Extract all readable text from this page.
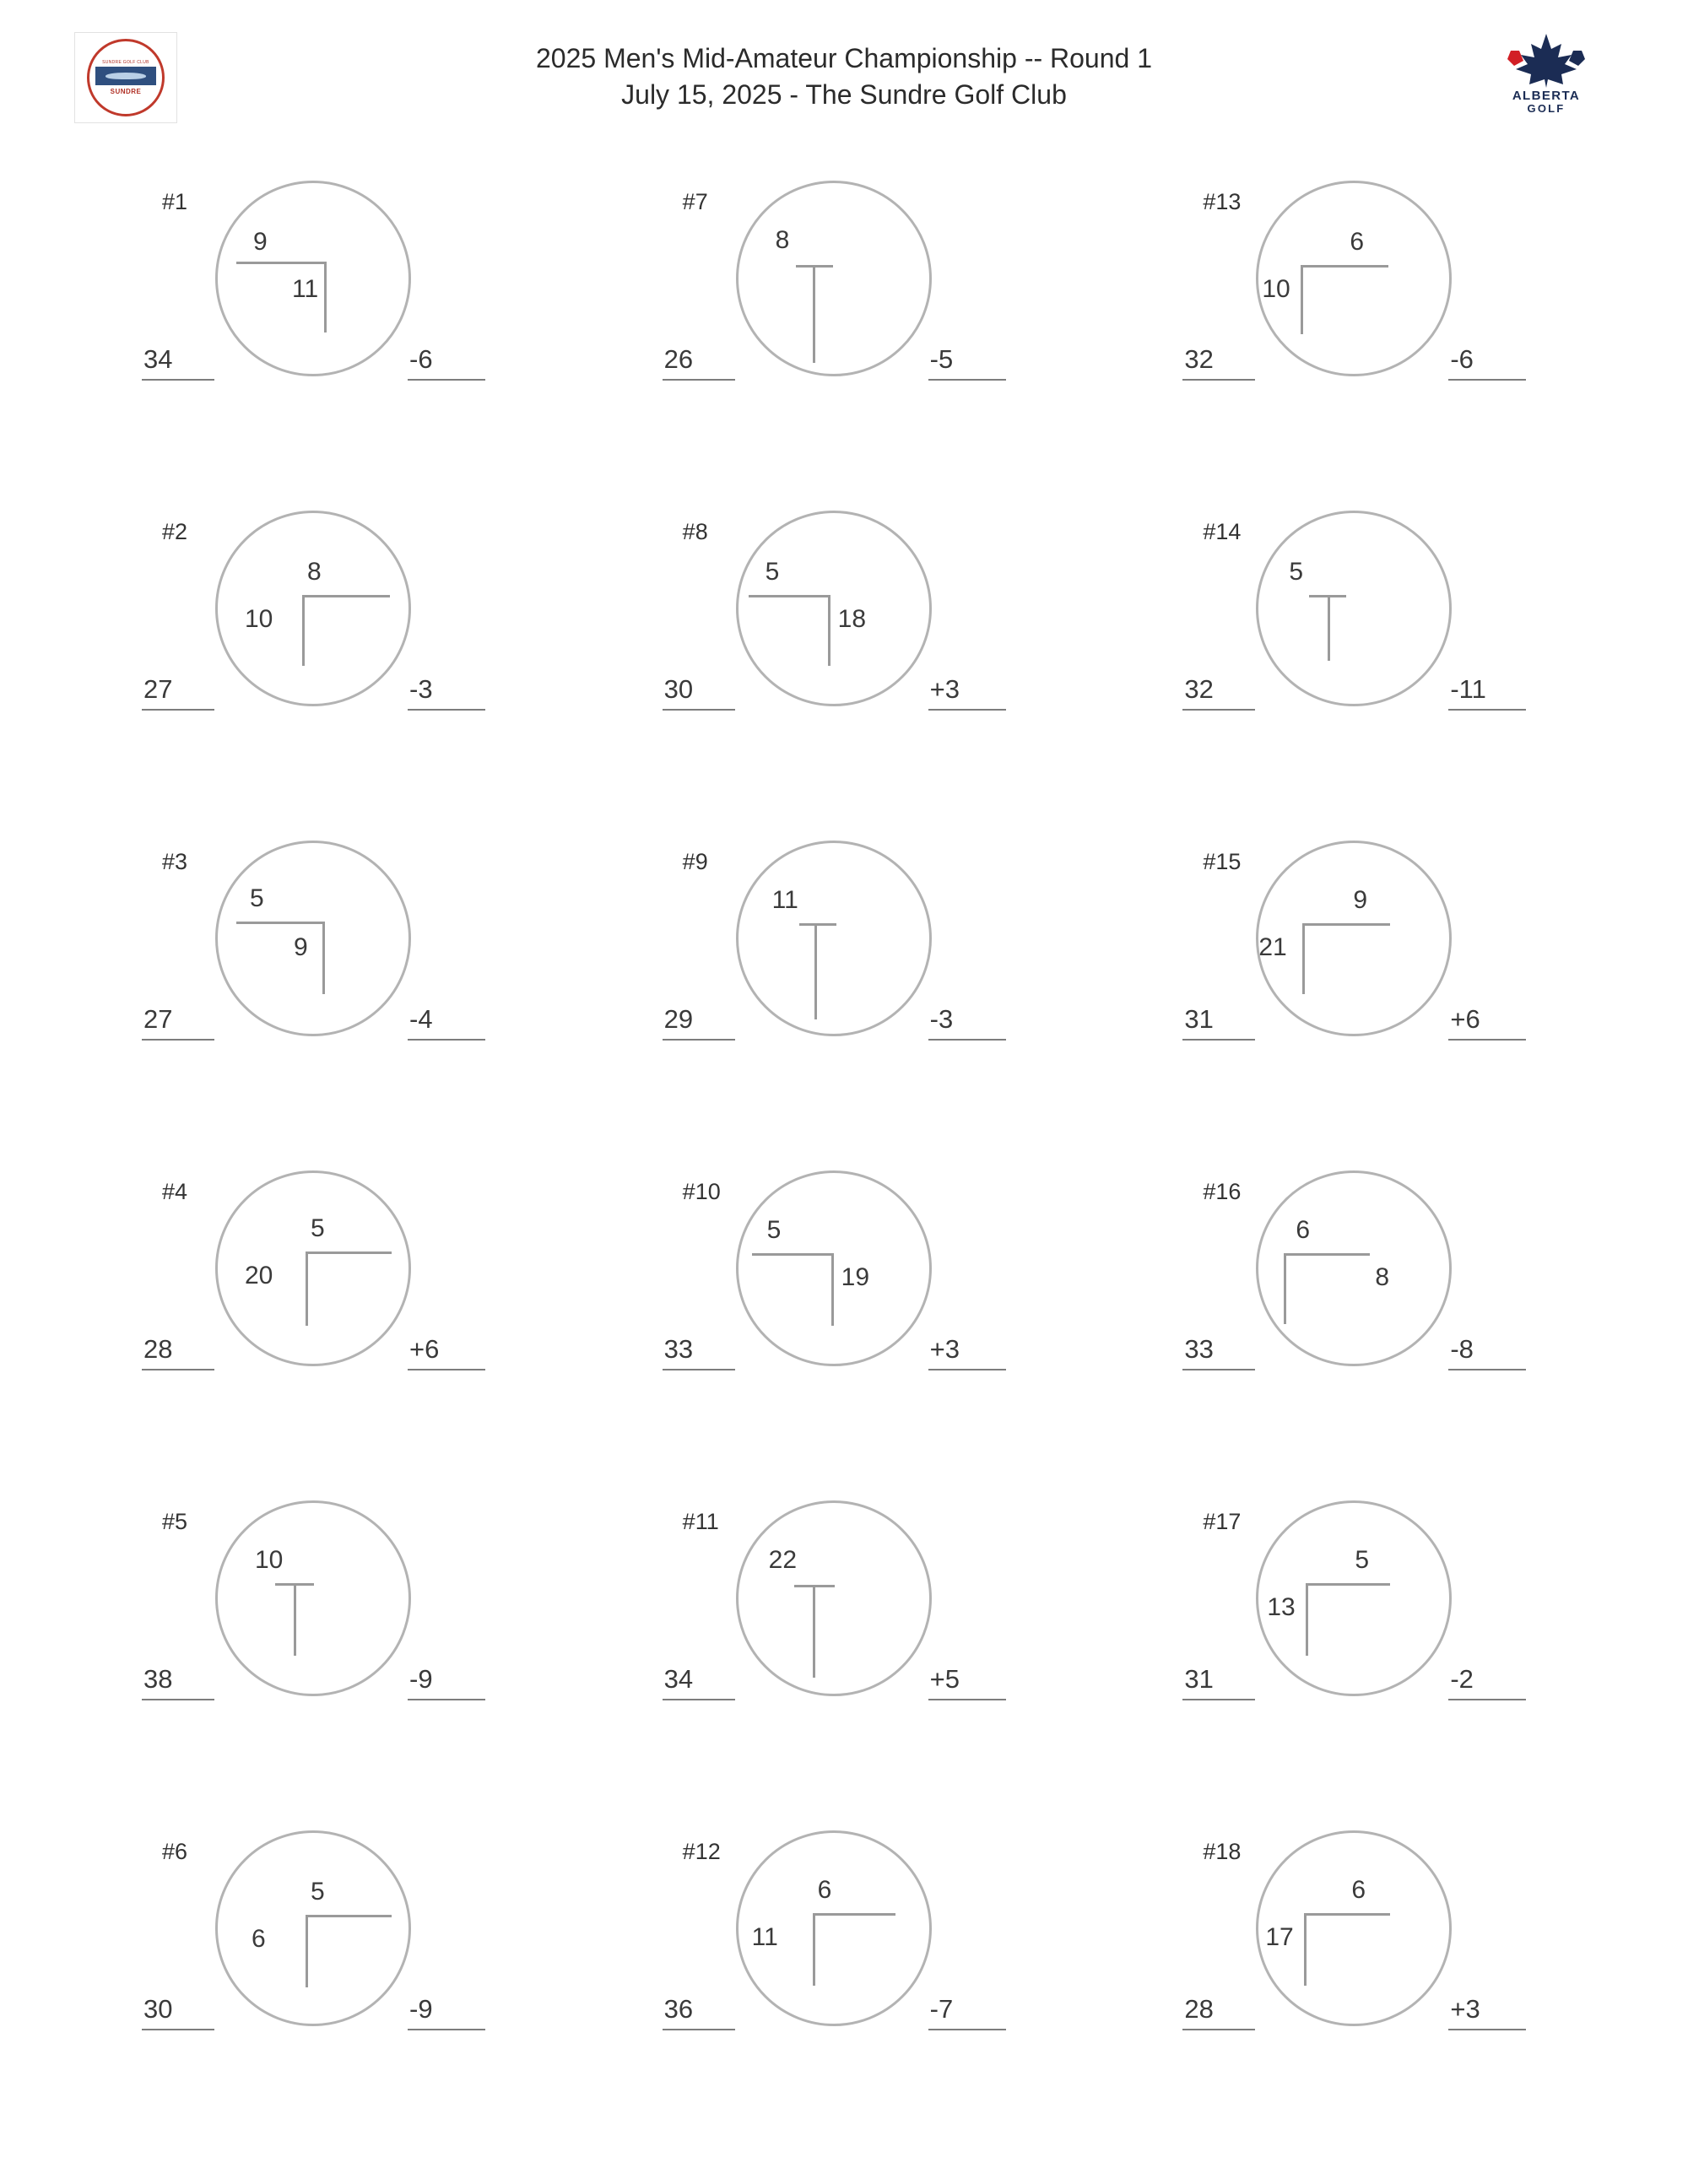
SUNDRE GOLF CLUB
SUNDRE
2025 Men's Mid-Amateur Championship -- Round 1
July 15, 2025 - The Sundre Golf Club	ALBERTA
GOLF
#1
9
11
34	-6
#7
8
26	-5
#13
6
10
32	-6
#2
8
10
27	-3
#8
5
18
30	+3
#14
5
32	-11
#3
5
9
27	-4
#9
11
29	-3
#15
9
21
31	+6
#4
5
20
28	+6
#10
5
19
33	+3
#16
6
8
33	-8
#5
10
38	-9
#11
22
34	+5
#17
5
13
31	-2
#6
5
6
30	-9
#12
6
11
36	-7
#18
6
17
28	+3
